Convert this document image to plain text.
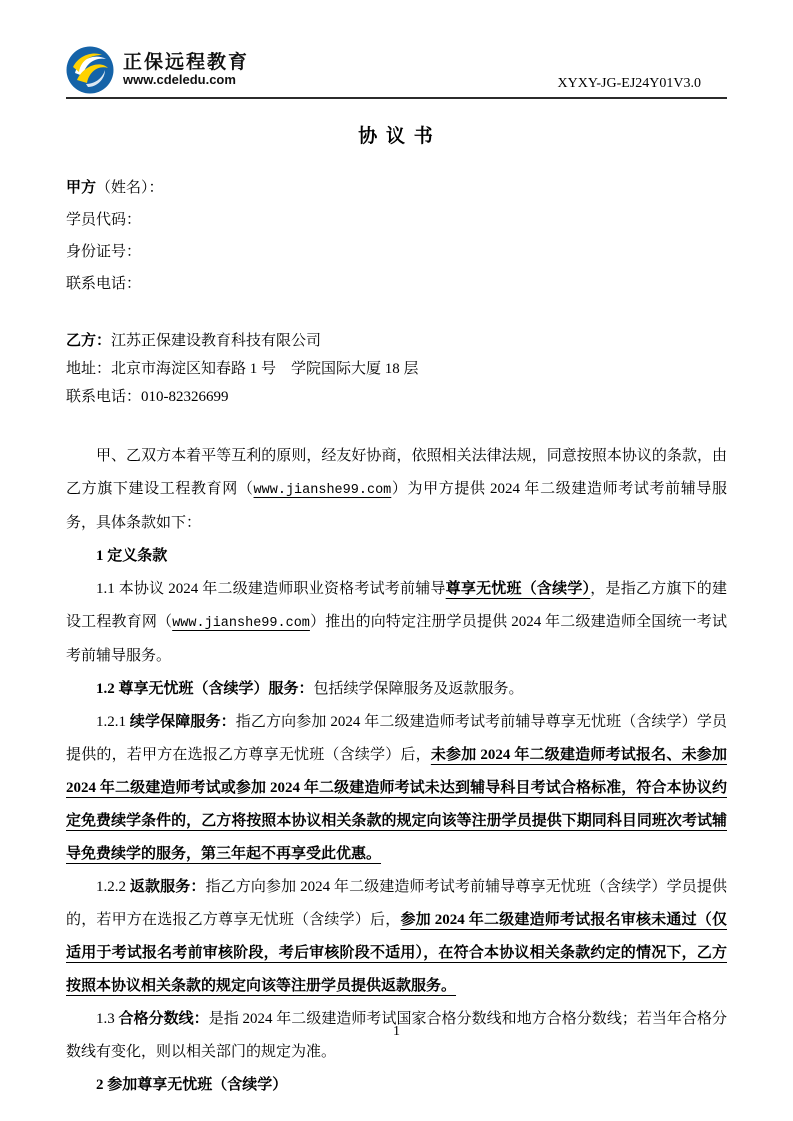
正保远程教育
www.cdeledu.com	XYXY-JG-EJ24Y01V3.0
协 议 书

甲方（姓名）：

学员代码：

身份证号：

联系电话：

乙方：江苏正保建设教育科技有限公司

地址：北京市海淀区知春路 1 号　学院国际大厦 18 层

联系电话：010-82326699

甲、乙双方本着平等互利的原则，经友好协商，依照相关法律法规，同意按照本协议的条款，由乙方旗下建设工程教育网（www.jianshe99.com）为甲方提供 2024 年二级建造师考试考前辅导服务，具体条款如下：

1 定义条款

1.1 本协议 2024 年二级建造师职业资格考试考前辅导尊享无忧班（含续学），是指乙方旗下的建设工程教育网（www.jianshe99.com）推出的向特定注册学员提供 2024 年二级建造师全国统一考试考前辅导服务。

1.2 尊享无忧班（含续学）服务：包括续学保障服务及返款服务。

1.2.1 续学保障服务：指乙方向参加 2024 年二级建造师考试考前辅导尊享无忧班（含续学）学员提供的，若甲方在选报乙方尊享无忧班（含续学）后，未参加 2024 年二级建造师考试报名、未参加 2024 年二级建造师考试或参加 2024 年二级建造师考试未达到辅导科目考试合格标准，符合本协议约定免费续学条件的，乙方将按照本协议相关条款的规定向该等注册学员提供下期同科目同班次考试辅导免费续学的服务，第三年起不再享受此优惠。

1.2.2 返款服务：指乙方向参加 2024 年二级建造师考试考前辅导尊享无忧班（含续学）学员提供的，若甲方在选报乙方尊享无忧班（含续学）后，参加 2024 年二级建造师考试报名审核未通过（仅适用于考试报名考前审核阶段，考后审核阶段不适用），在符合本协议相关条款约定的情况下，乙方按照本协议相关条款的规定向该等注册学员提供返款服务。

1.3 合格分数线：是指 2024 年二级建造师考试国家合格分数线和地方合格分数线；若当年合格分数线有变化，则以相关部门的规定为准。

2 参加尊享无忧班（含续学）

1
